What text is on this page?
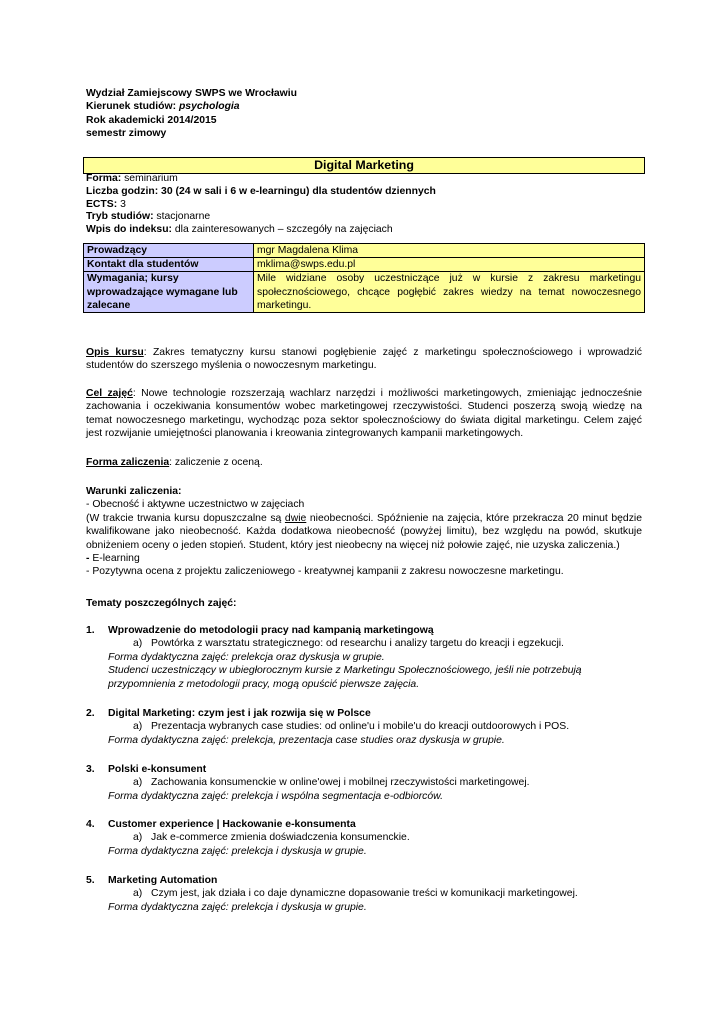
Wydział Zamiejscowy SWPS we Wrocławiu
Kierunek studiów: psychologia
Rok akademicki 2014/2015
semestr zimowy
Digital Marketing
Forma: seminarium
Liczba godzin: 30 (24 w sali i 6 w e-learningu) dla studentów dziennych
ECTS: 3
Tryb studiów: stacjonarne
Wpis do indeksu: dla zainteresowanych – szczegóły na zajęciach
Prowadzący	mgr Magdalena Klima
Kontakt dla studentów	mklima@swps.edu.pl
Wymagania; kursy wprowadzające wymagane lub zalecane	Mile widziane osoby uczestniczące już w kursie z zakresu marketingu społecznościowego, chcące pogłębić zakres wiedzy na temat nowoczesnego marketingu.
Opis kursu: Zakres tematyczny kursu stanowi pogłębienie zajęć z marketingu społecznościowego i wprowadzić studentów do szerszego myślenia o nowoczesnym marketingu.
Cel zajęć: Nowe technologie rozszerzają wachlarz narzędzi i możliwości marketingowych, zmieniając jednocześnie zachowania i oczekiwania konsumentów wobec marketingowej rzeczywistości. Studenci poszerzą swoją wiedzę na temat nowoczesnego marketingu, wychodząc poza sektor społecznościowy do świata digital marketingu. Celem zajęć jest rozwijanie umiejętności planowania i kreowania zintegrowanych kampanii marketingowych.
Forma zaliczenia: zaliczenie z oceną.
Warunki zaliczenia:
- Obecność i aktywne uczestnictwo w zajęciach
(W trakcie trwania kursu dopuszczalne są dwie nieobecności. Spóźnienie na zajęcia, które przekracza 20 minut będzie kwalifikowane jako nieobecność. Każda dodatkowa nieobecność (powyżej limitu), bez względu na powód, skutkuje obniżeniem oceny o jeden stopień. Student, który jest nieobecny na więcej niż połowie zajęć, nie uzyska zaliczenia.)
- E-learning
- Pozytywna ocena z projektu zaliczeniowego - kreatywnej kampanii z zakresu nowoczesne marketingu.
Tematy poszczególnych zajęć:
1. Wprowadzenie do metodologii pracy nad kampanią marketingową
a) Powtórka z warsztatu strategicznego: od researchu i analizy targetu do kreacji i egzekucji.
Forma dydaktyczna zajęć: prelekcja oraz dyskusja w grupie.
Studenci uczestniczący w ubiegłorocznym kursie z Marketingu Społecznościowego, jeśli nie potrzebują przypomnienia z metodologii pracy, mogą opuścić pierwsze zajęcia.
2. Digital Marketing: czym jest i jak rozwija się w Polsce
a) Prezentacja wybranych case studies: od online'u i mobile'u do kreacji outdoorowych i POS.
Forma dydaktyczna zajęć: prelekcja, prezentacja case studies oraz dyskusja w grupie.
3. Polski e-konsument
a) Zachowania konsumenckie w online'owej i mobilnej rzeczywistości marketingowej.
Forma dydaktyczna zajęć: prelekcja i wspólna segmentacja e-odbiorców.
4. Customer experience | Hackowanie e-konsumenta
a) Jak e-commerce zmienia doświadczenia konsumenckie.
Forma dydaktyczna zajęć: prelekcja i dyskusja w grupie.
5. Marketing Automation
a) Czym jest, jak działa i co daje dynamiczne dopasowanie treści w komunikacji marketingowej.
Forma dydaktyczna zajęć: prelekcja i dyskusja w grupie.
